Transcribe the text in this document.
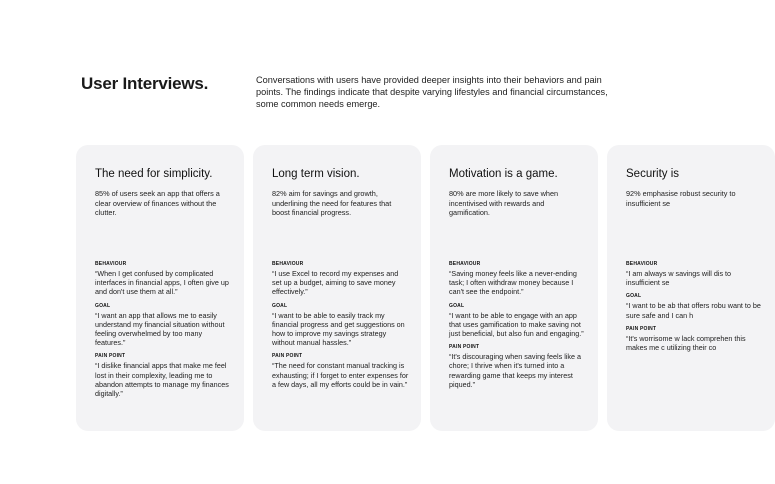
User Interviews.	Conversations with users have provided deeper insights into their behaviors and pain points. The findings indicate that despite varying lifestyles and financial circumstances, some common needs emerge.

The need for simplicity.

85% of users seek an app that offers a clear overview of finances without the clutter.

BEHAVIOUR

“When I get confused by complicated interfaces in financial apps, I often give up and don't use them at all.”

GOAL

“I want an app that allows me to easily understand my financial situation without feeling overwhelmed by too many features.”

PAIN POINT

“I dislike financial apps that make me feel lost in their complexity, leading me to abandon attempts to manage my finances digitally.”

Long term vision.

82% aim for savings and growth, underlining the need for features that boost financial progress.

BEHAVIOUR

“I use Excel to record my expenses and set up a budget, aiming to save money effectively.”

GOAL

“I want to be able to easily track my financial progress and get suggestions on how to improve my savings strategy without manual hassles.”

PAIN POINT

“The need for constant manual tracking is exhausting; if I forget to enter expenses for a few days, all my efforts could be in vain.”

Motivation is a game.

80% are more likely to save when incentivised with rewards and gamification.

BEHAVIOUR

“Saving money feels like a never-ending task; I often withdraw money because I can't see the endpoint.”

GOAL

“I want to be able to engage with an app that uses gamification to make saving not just beneficial, but also fun and engaging.”

PAIN POINT

“It's discouraging when saving feels like a chore; I thrive when it's turned into a rewarding game that keeps my interest piqued.”

Security is

92% emphasise robust security to insufficient se

BEHAVIOUR

“I am always w savings will dis to insufficient se

GOAL

“I want to be ab that offers robu want to be sure safe and I can h

PAIN POINT

“It's worrisome w lack comprehen this makes me c utilizing their co
